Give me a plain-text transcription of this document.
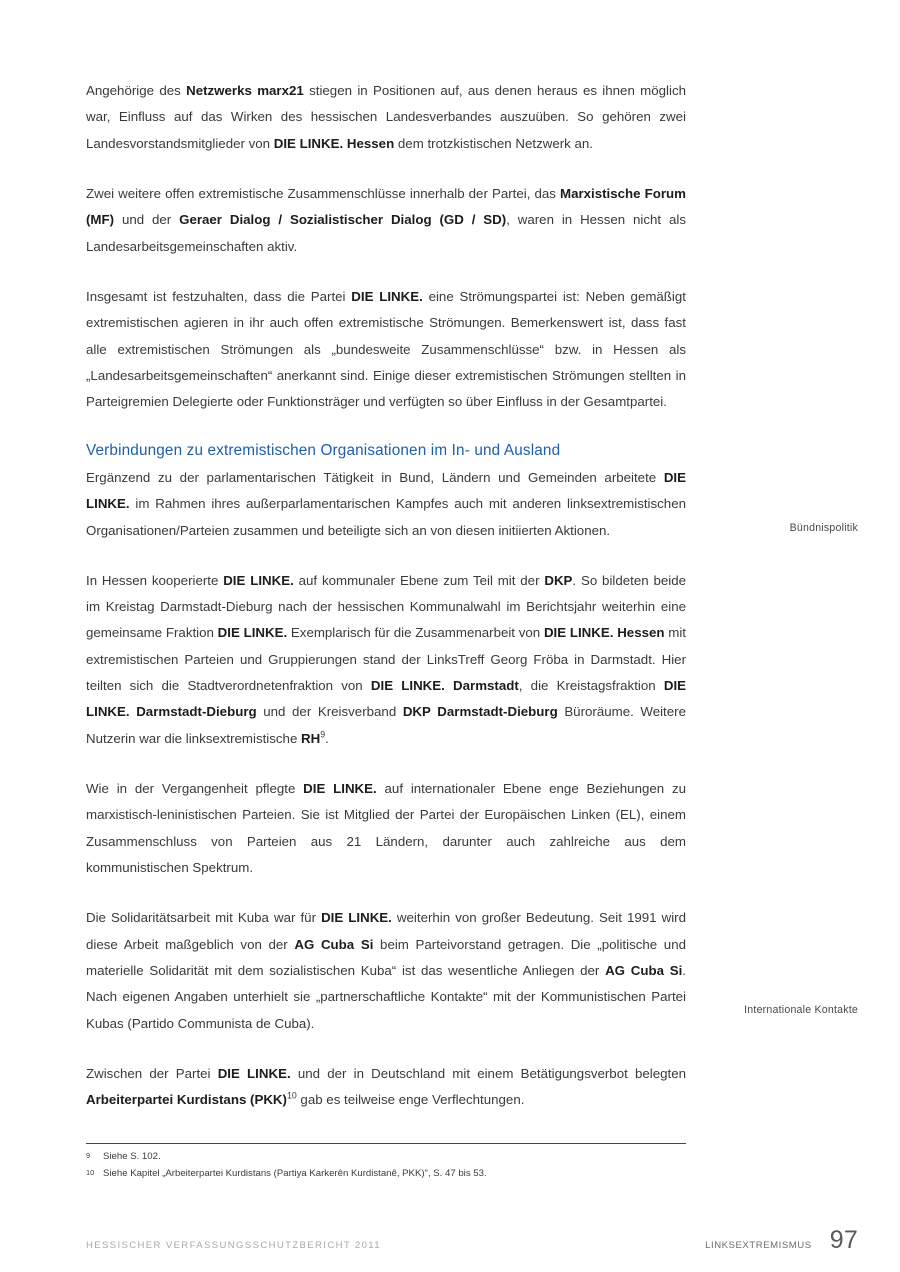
Angehörige des Netzwerks marx21 stiegen in Positionen auf, aus denen heraus es ihnen möglich war, Einfluss auf das Wirken des hessischen Landesverbandes auszuüben. So gehören zwei Landesvorstandsmitglieder von DIE LINKE. Hessen dem trotzkistischen Netzwerk an.

Zwei weitere offen extremistische Zusammenschlüsse innerhalb der Partei, das Marxistische Forum (MF) und der Geraer Dialog / Sozialistischer Dialog (GD / SD), waren in Hessen nicht als Landesarbeitsgemeinschaften aktiv.

Insgesamt ist festzuhalten, dass die Partei DIE LINKE. eine Strömungspartei ist: Neben gemäßigt extremistischen agieren in ihr auch offen extremistische Strömungen. Bemerkenswert ist, dass fast alle extremistischen Strömungen als „bundesweite Zusammenschlüsse“ bzw. in Hessen als „Landesarbeitsgemeinschaften“ anerkannt sind. Einige dieser extremistischen Strömungen stellten in Parteigremien Delegierte oder Funktionsträger und verfügten so über Einfluss in der Gesamtpartei.

Verbindungen zu extremistischen Organisationen im In- und Ausland

Ergänzend zu der parlamentarischen Tätigkeit in Bund, Ländern und Gemeinden arbeitete DIE LINKE. im Rahmen ihres außerparlamentarischen Kampfes auch mit anderen linksextremistischen Organisationen/Parteien zusammen und beteiligte sich an von diesen initiierten Aktionen.

In Hessen kooperierte DIE LINKE. auf kommunaler Ebene zum Teil mit der DKP. So bildeten beide im Kreistag Darmstadt-Dieburg nach der hessischen Kommunalwahl im Berichtsjahr weiterhin eine gemeinsame Fraktion DIE LINKE. Exemplarisch für die Zusammenarbeit von DIE LINKE. Hessen mit extremistischen Parteien und Gruppierungen stand der LinksTreff Georg Fröba in Darmstadt. Hier teilten sich die Stadtverordnetenfraktion von DIE LINKE. Darmstadt, die Kreistagsfraktion DIE LINKE. Darmstadt-Dieburg und der Kreisverband DKP Darmstadt-Dieburg Büroräume. Weitere Nutzerin war die linksextremistische $RH^9$.

Wie in der Vergangenheit pflegte DIE LINKE. auf internationaler Ebene enge Beziehungen zu marxistisch-leninistischen Parteien. Sie ist Mitglied der Partei der Europäischen Linken (EL), einem Zusammenschluss von Parteien aus 21 Ländern, darunter auch zahlreiche aus dem kommunistischen Spektrum.

Die Solidaritätsarbeit mit Kuba war für DIE LINKE. weiterhin von großer Bedeutung. Seit 1991 wird diese Arbeit maßgeblich von der AG Cuba Si beim Parteivorstand getragen. Die „politische und materielle Solidarität mit dem sozialistischen Kuba“ ist das wesentliche Anliegen der AG Cuba Si. Nach eigenen Angaben unterhielt sie „partnerschaftliche Kontakte“ mit der Kommunistischen Partei Kubas (Partido Communista de Cuba).

Zwischen der Partei DIE LINKE. und der in Deutschland mit einem Betätigungsverbot belegten Arbeiterpartei Kurdistans (PKK)$^{10}$ gab es teilweise enge Verflechtungen.

Bündnispolitik
Internationale Kontakte
9	Siehe S. 102.
10 Siehe Kapitel „Arbeiterpartei Kurdistans (Partiya Karkerên Kurdistanê, PKK)", S. 47 bis 53.
HESSISCHER VERFASSUNGSSCHUTZBERICHT 2011	LINKSEXTREMISMUS 97
